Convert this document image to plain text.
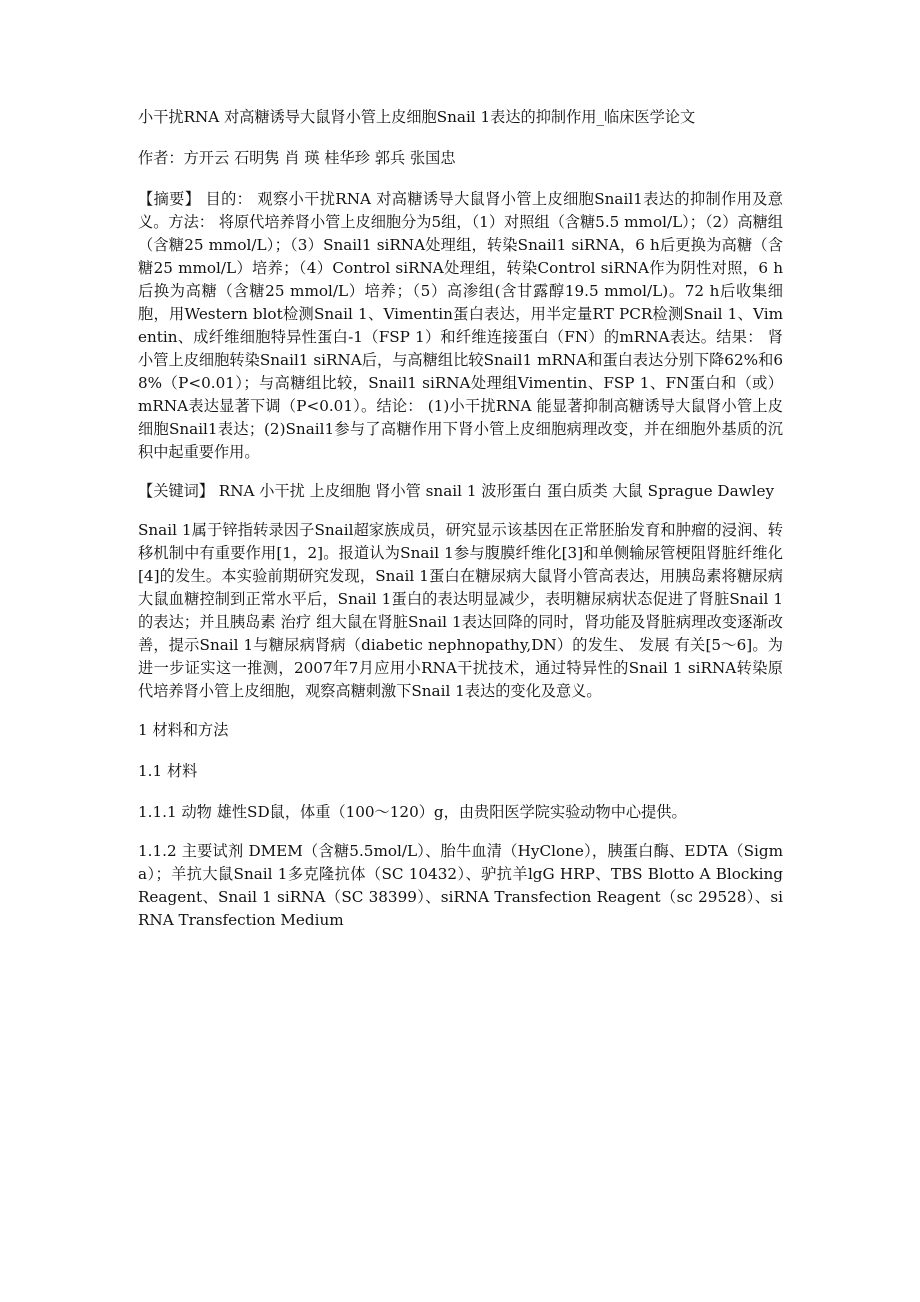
小干扰RNA 对高糖诱导大鼠肾小管上皮细胞Snail 1表达的抑制作用_临床医学论文

作者：方开云 石明隽 肖 瑛 桂华珍 郭兵 张国忠

【摘要】 目的： 观察小干扰RNA 对高糖诱导大鼠肾小管上皮细胞Snail1表达的抑制作用及意义。方法： 将原代培养肾小管上皮细胞分为5组，（1）对照组（含糖5.5 mmol/L）；（2）高糖组（含糖25 mmol/L）；（3）Snail1 siRNA处理组，转染Snail1 siRNA，6 h后更换为高糖（含糖25 mmol/L）培养；（4）Control siRNA处理组，转染Control siRNA作为阴性对照，6 h后换为高糖（含糖25 mmol/L）培养；（5）高渗组(含甘露醇19.5 mmol/L)。72 h后收集细胞，用Western blot检测Snail 1、Vimentin蛋白表达，用半定量RT PCR检测Snail 1、Vimentin、成纤维细胞特异性蛋白-1（FSP 1）和纤维连接蛋白（FN）的mRNA表达。结果： 肾小管上皮细胞转染Snail1 siRNA后，与高糖组比较Snail1 mRNA和蛋白表达分别下降62%和68%（P<0.01）；与高糖组比较，Snail1 siRNA处理组Vimentin、FSP 1、FN蛋白和（或）mRNA表达显著下调（P<0.01）。结论： (1)小干扰RNA 能显著抑制高糖诱导大鼠肾小管上皮细胞Snail1表达；(2)Snail1参与了高糖作用下肾小管上皮细胞病理改变，并在细胞外基质的沉积中起重要作用。

【关键词】 RNA 小干扰 上皮细胞 肾小管 snail 1 波形蛋白 蛋白质类 大鼠 Sprague Dawley

Snail 1属于锌指转录因子Snail超家族成员，研究显示该基因在正常胚胎发育和肿瘤的浸润、转移机制中有重要作用[1，2]。报道认为Snail 1参与腹膜纤维化[3]和单侧输尿管梗阻肾脏纤维化[4]的发生。本实验前期研究发现，Snail 1蛋白在糖尿病大鼠肾小管高表达，用胰岛素将糖尿病大鼠血糖控制到正常水平后，Snail 1蛋白的表达明显减少，表明糖尿病状态促进了肾脏Snail 1的表达；并且胰岛素 治疗 组大鼠在肾脏Snail 1表达回降的同时，肾功能及肾脏病理改变逐渐改善，提示Snail 1与糖尿病肾病（diabetic nephnopathy,DN）的发生、 发展 有关[5～6]。为进一步证实这一推测，2007年7月应用小RNA干扰技术，通过特异性的Snail 1 siRNA转染原代培养肾小管上皮细胞，观察高糖刺激下Snail 1表达的变化及意义。

1 材料和方法

1.1 材料

1.1.1 动物 雄性SD鼠，体重（100～120）g，由贵阳医学院实验动物中心提供。

1.1.2 主要试剂 DMEM（含糖5.5mol/L）、胎牛血清（HyClone），胰蛋白酶、EDTA（Sigma）；羊抗大鼠Snail 1多克隆抗体（SC 10432）、驴抗羊lgG HRP、TBS Blotto A Blocking Reagent、Snail 1 siRNA（SC 38399）、siRNA Transfection Reagent（sc 29528）、siRNA Transfection Medium
